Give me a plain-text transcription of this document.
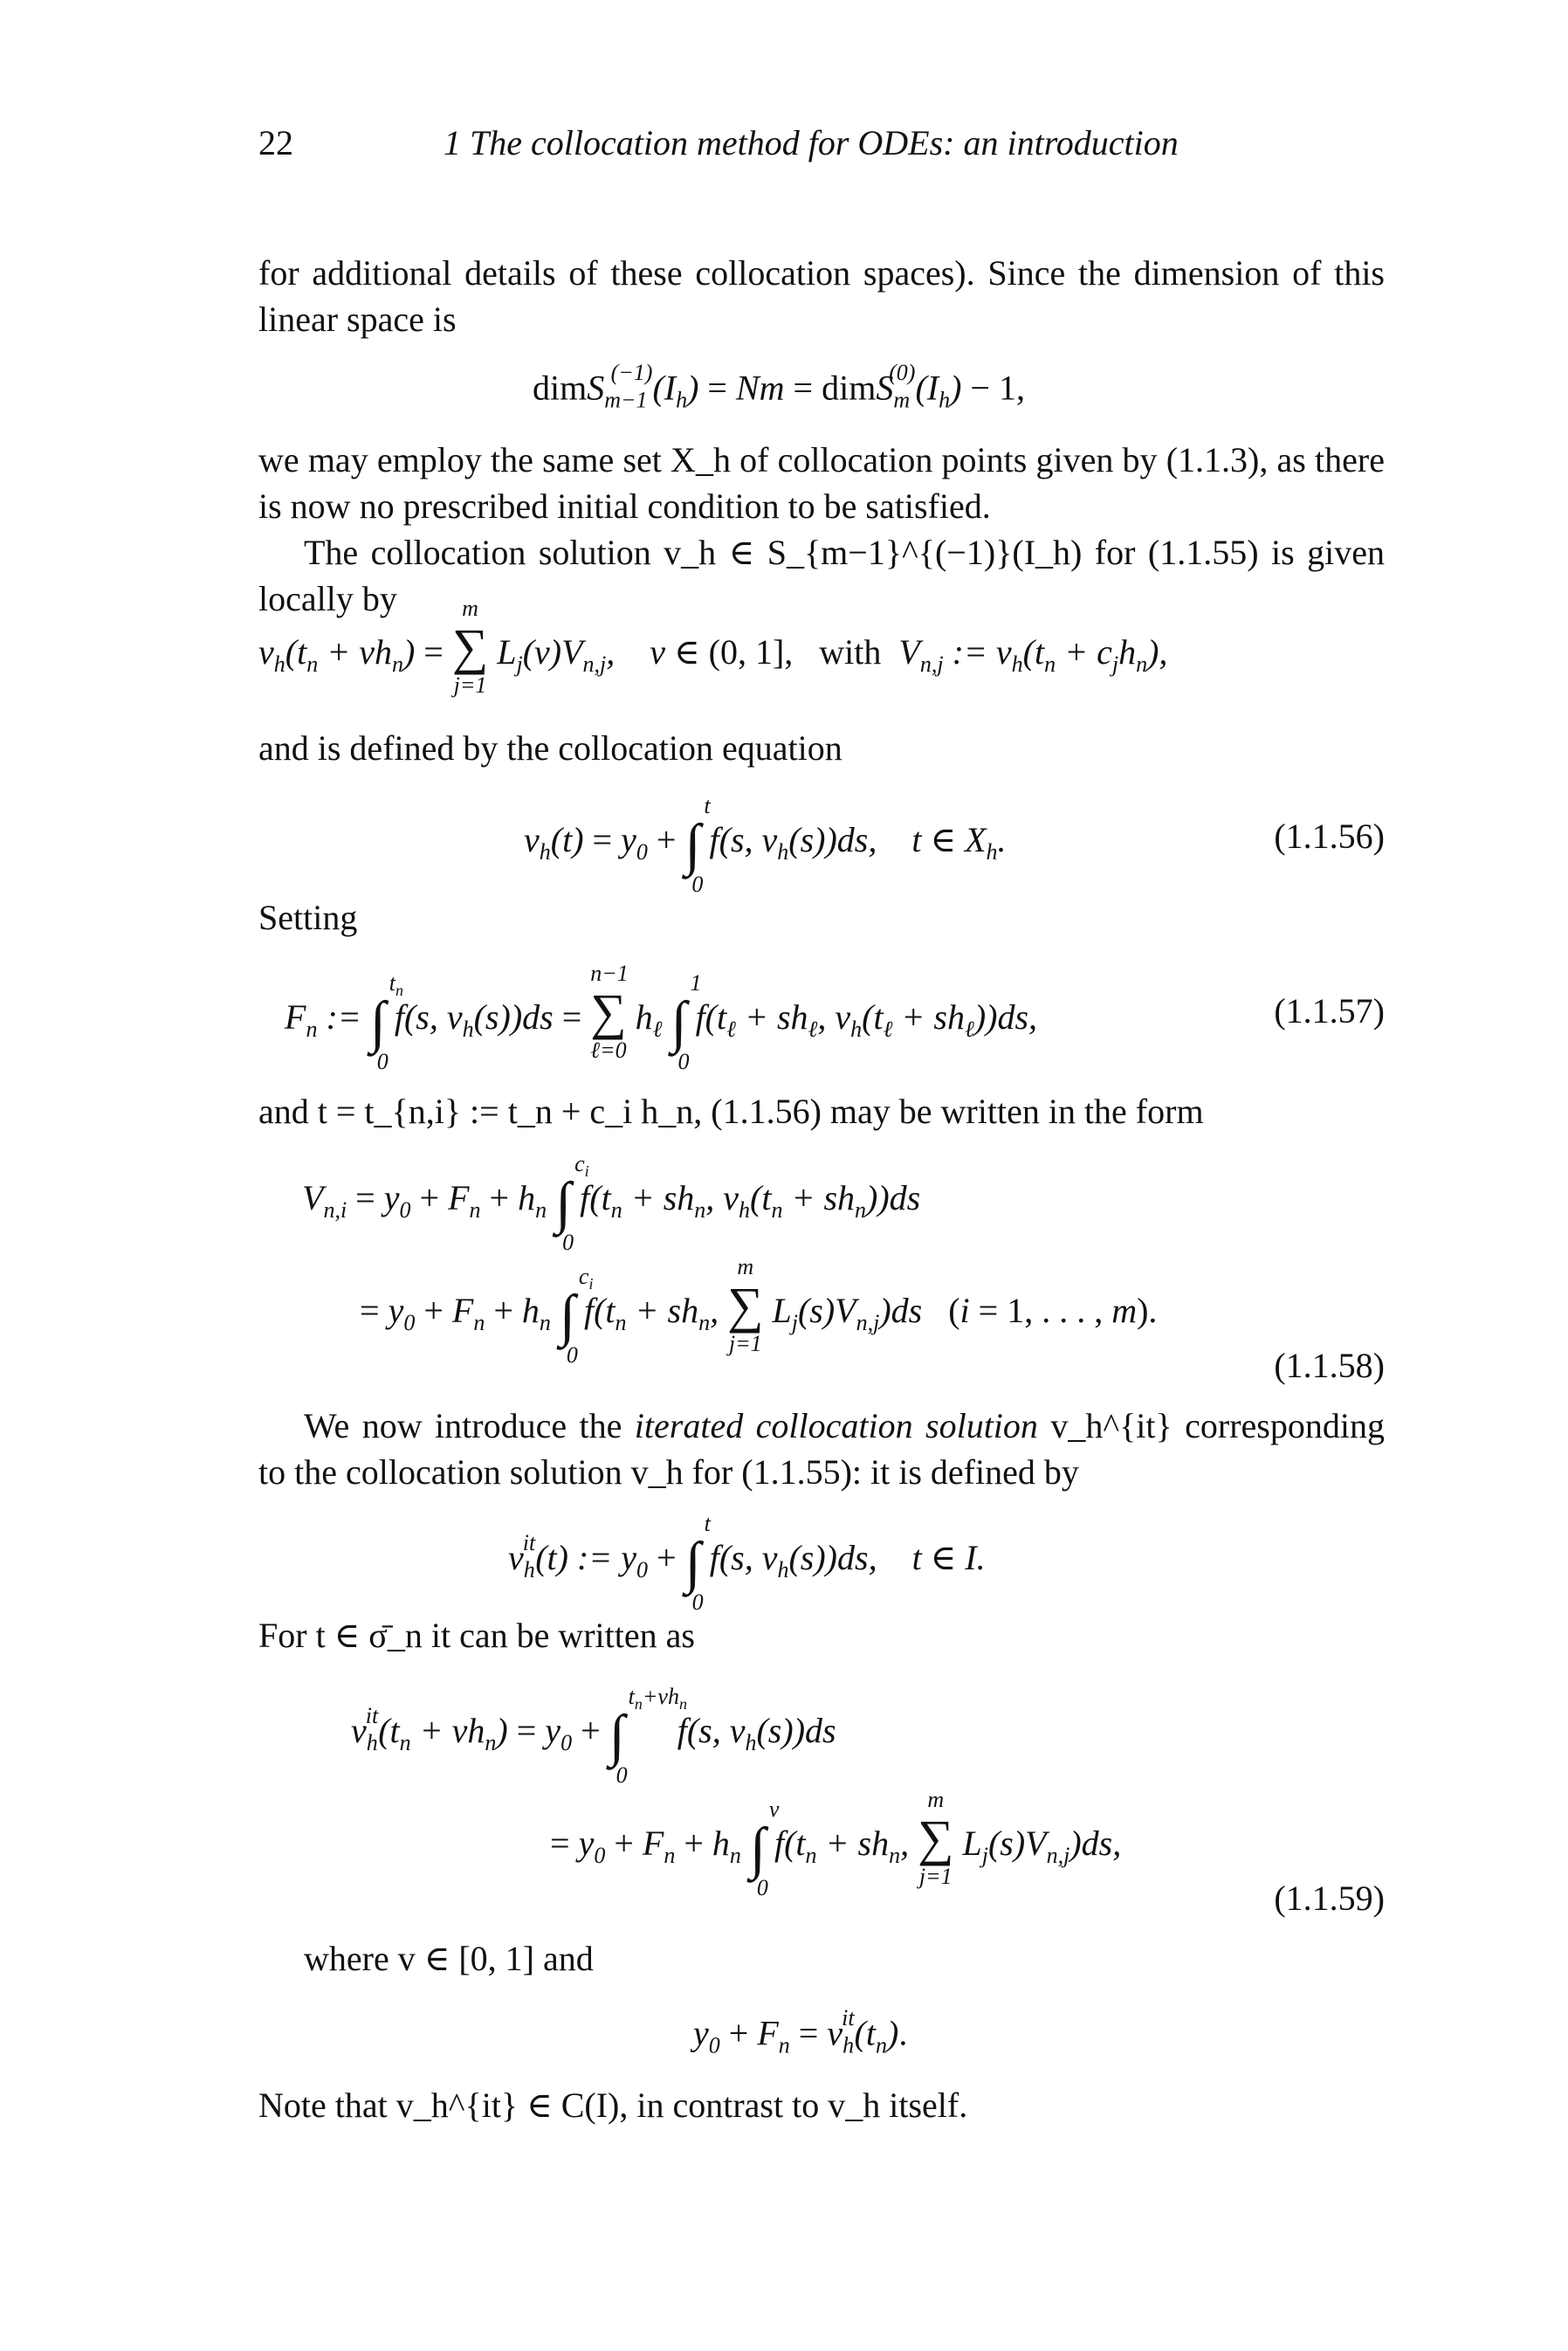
22	1 The collocation method for ODEs: an introduction
for additional details of these collocation spaces). Since the dimension of this linear space is
$dimS_{m-1}^{(-1)}(I_h) = Nm$ = $dimS_m^{(0)}(I_h) - 1$,
we may employ the same set X_h of collocation points given by (1.1.3), as there is now no prescribed initial condition to be satisfied.
The collocation solution v_h ∈ S_{m−1}^{(−1)}(I_h) for (1.1.55) is given locally by
$v_h(t_n + vh_n)$ =
m
∑
j=1
$L_j(v)V_{n,j}$,    v ∈ (0, 1],   with  $V_{n,j}$ := $v_h(t_n + c_jh_n)$,
and is defined by the collocation equation
$v_h(t) = y_0$ + ∫
t
0
f(s, $v_h(s))ds$,    t ∈ $X_h$.	(1.1.56)
Setting
$F_n$ := ∫
$t_n$
0
f(s, $v_h(s))ds$ =
n−1
∑
ℓ=0
$h_\ell$ ∫
1
0
$f(t_\ell + sh_\ell$, $v_h(t_\ell + sh_\ell))ds$,	(1.1.57)
and t = t_{n,i} := t_n + c_i h_n, (1.1.56) may be written in the form
$V_{n,i} = y_0 + F_n + h_n$ ∫
$c_i$
0
$f(t_n + sh_n$, $v_h(t_n + sh_n))ds$
= $y_0 + F_n + h_n$ ∫
$c_i$
0
$f(t_n + sh_n$,
m
∑
j=1
$L_j(s)V_{n,j})ds$   (i = 1, . . . , m).
(1.1.58)
We now introduce the iterated collocation solution v_h^{it} corresponding to the collocation solution v_h for (1.1.55): it is defined by
$v_h^{it}(t)$ := $y_0$ + ∫
t
0
f(s, $v_h(s))ds$,    t ∈ I.
For t ∈ σ̄_n it can be written as
$v_h^{it}(t_n + vh_n) = y_0$ + ∫
$t_n+vh_n$
0
f(s, $v_h(s))ds$
= $y_0 + F_n + h_n$ ∫
v
0
$f(t_n + sh_n$,
m
∑
j=1
$L_j(s)V_{n,j})ds$,
(1.1.59)
where v ∈ [0, 1] and
$y_0 + F_n = v_h^{it}(t_n)$.
Note that v_h^{it} ∈ C(I), in contrast to v_h itself.
